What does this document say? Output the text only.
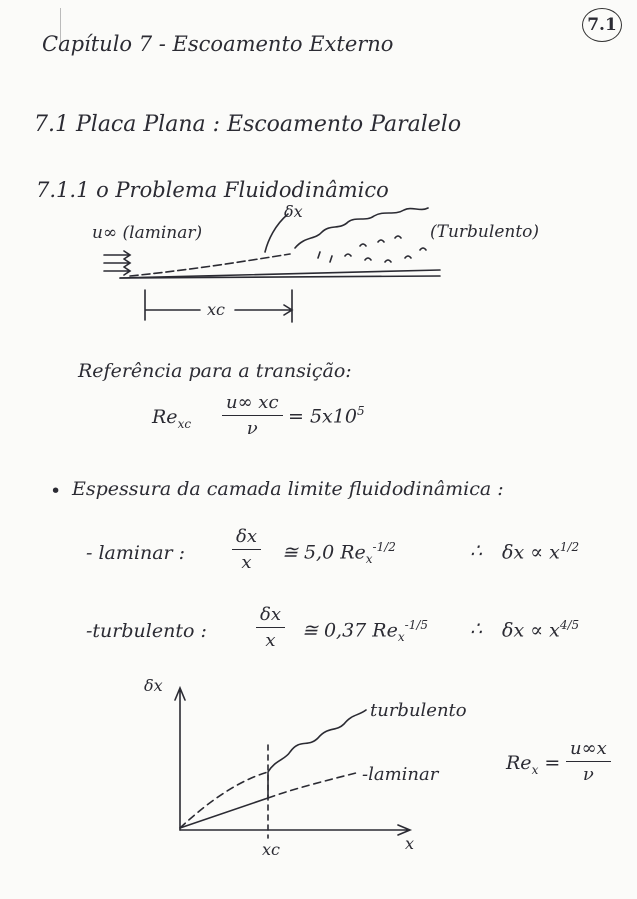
7.1
Capítulo 7 - Escoamento Externo
7.1 Placa Plana : Escoamento Paralelo
7.1.1 o Problema Fluidodinâmico
u∞ (laminar)
δx
(Turbulento)
xc
Referência para a transição:
$Re_{xc} \frac{u\infty xc}{\nu} = 5x10^5$
• Espessura da camada limite fluidodinâmica :
- laminar :	$\frac{\delta x}{x}$ ≅ 5,0 $Re_x^{-1/2}$	∴ $\delta x \propto x^{1/2}$
-turbulento :	$\frac{\delta x}{x}$ ≅ 0,37 $Re_x^{-1/5}$ ∴ $\delta x \propto x^{4/5}$
δx
x
xc
turbulento
-laminar
$Re_x = \frac{u\infty x}{\nu}$
